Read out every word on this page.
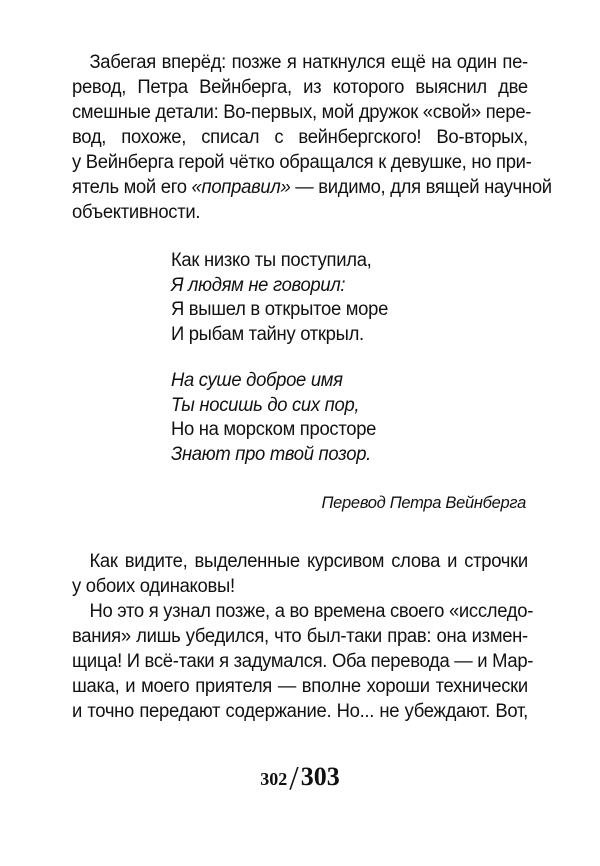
Забегая вперёд: позже я наткнулся ещё на один пе-
ревод, Петра Вейнберга, из которого выяснил две
смешные детали: Во-первых, мой дружок «свой» пере-
вод, похоже, списал с вейнбергского! Во-вторых,
у Вейнберга герой чётко обращался к девушке, но при-
ятель мой его «поправил» — видимо, для вящей научной
объективности.
Как низко ты поступила,
Я людям не говорил:
Я вышел в открытое море
И рыбам тайну открыл.
На суше доброе имя
Ты носишь до сих пор,
Но на морском просторе
Знают про твой позор.
Перевод Петра Вейнберга
Как видите, выделенные курсивом слова и строчки
у обоих одинаковы!
Но это я узнал позже, а во времена своего «исследо-
вания» лишь убедился, что был-таки прав: она измен-
щица! И всё-таки я задумался. Оба перевода — и Мар-
шака, и моего приятеля — вполне хороши технически
и точно передают содержание. Но... не убеждают. Вот,
302/303
